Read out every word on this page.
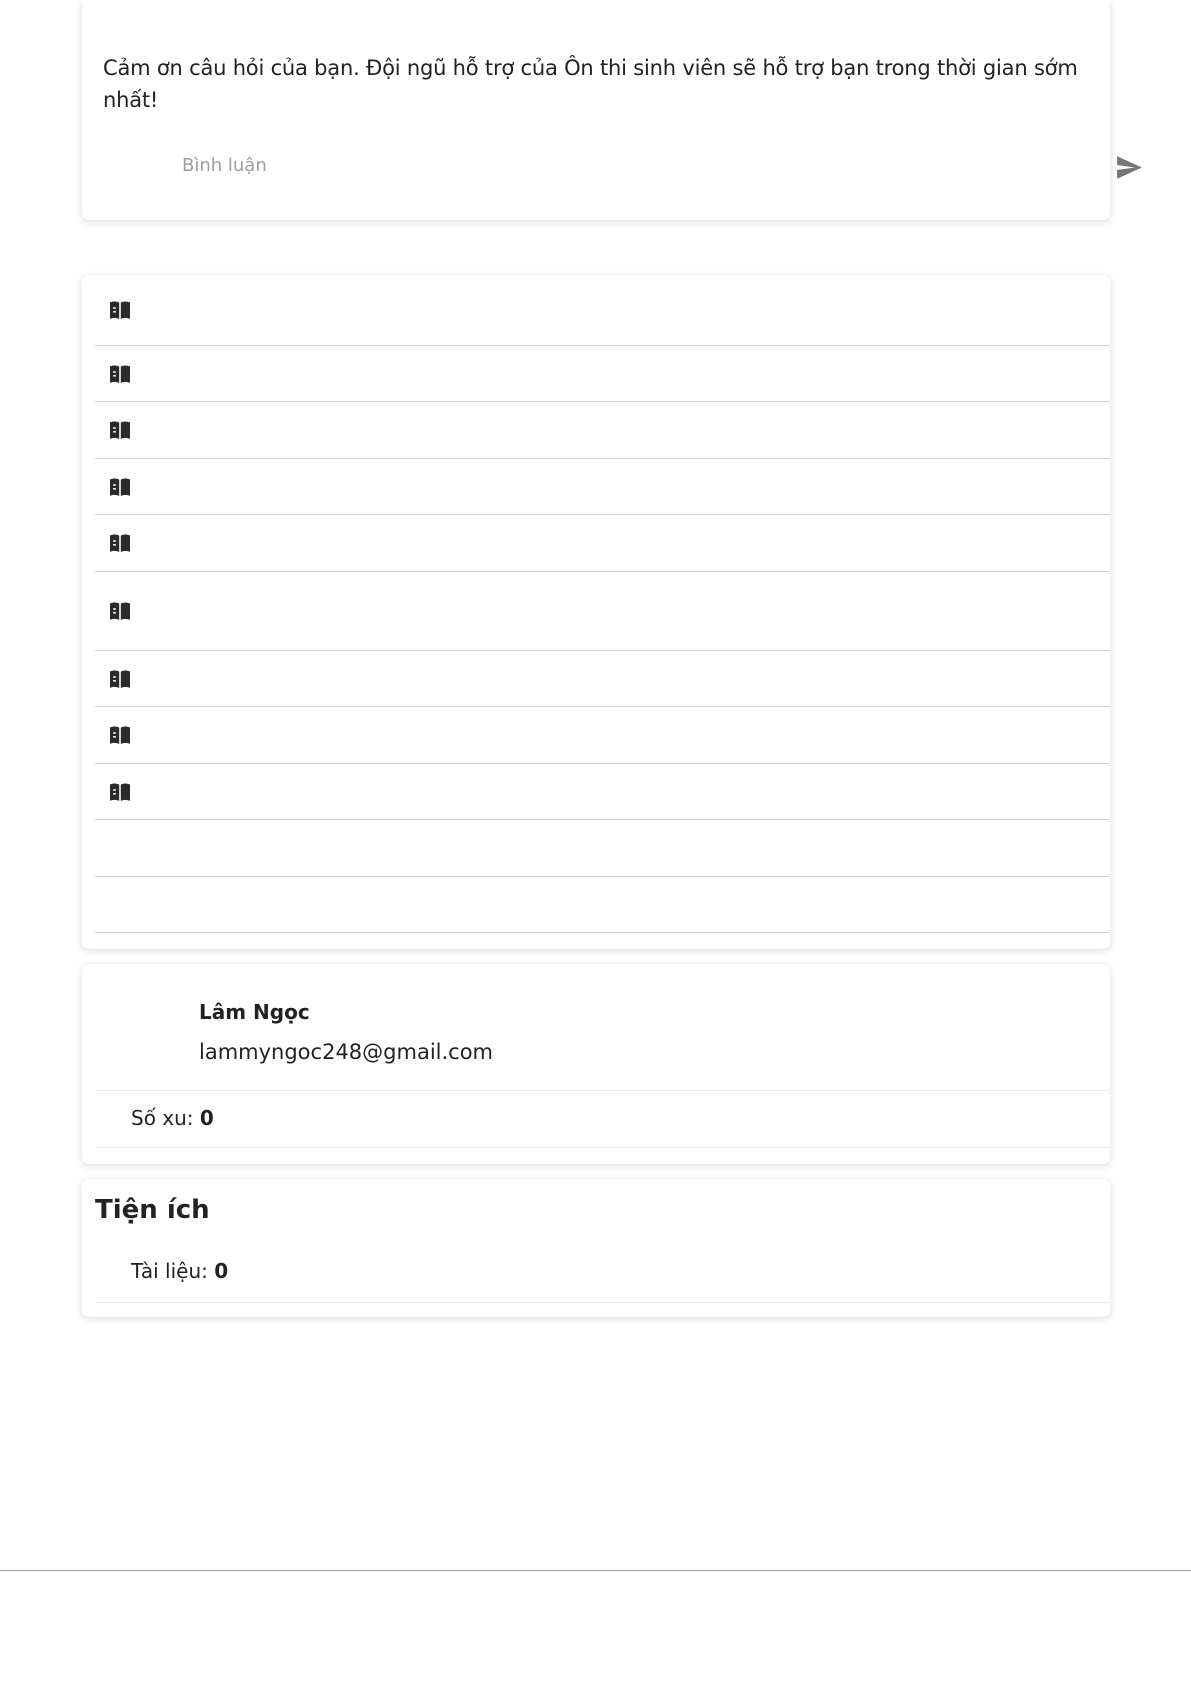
Cảm ơn câu hỏi của bạn. Đội ngũ hỗ trợ của Ôn thi sinh viên sẽ hỗ trợ bạn trong thời gian sớm nhất!

Bình luận
Lâm Ngọc
lammyngoc248@gmail.com
Số xu: 0
Tiện ích
Tài liệu: 0
